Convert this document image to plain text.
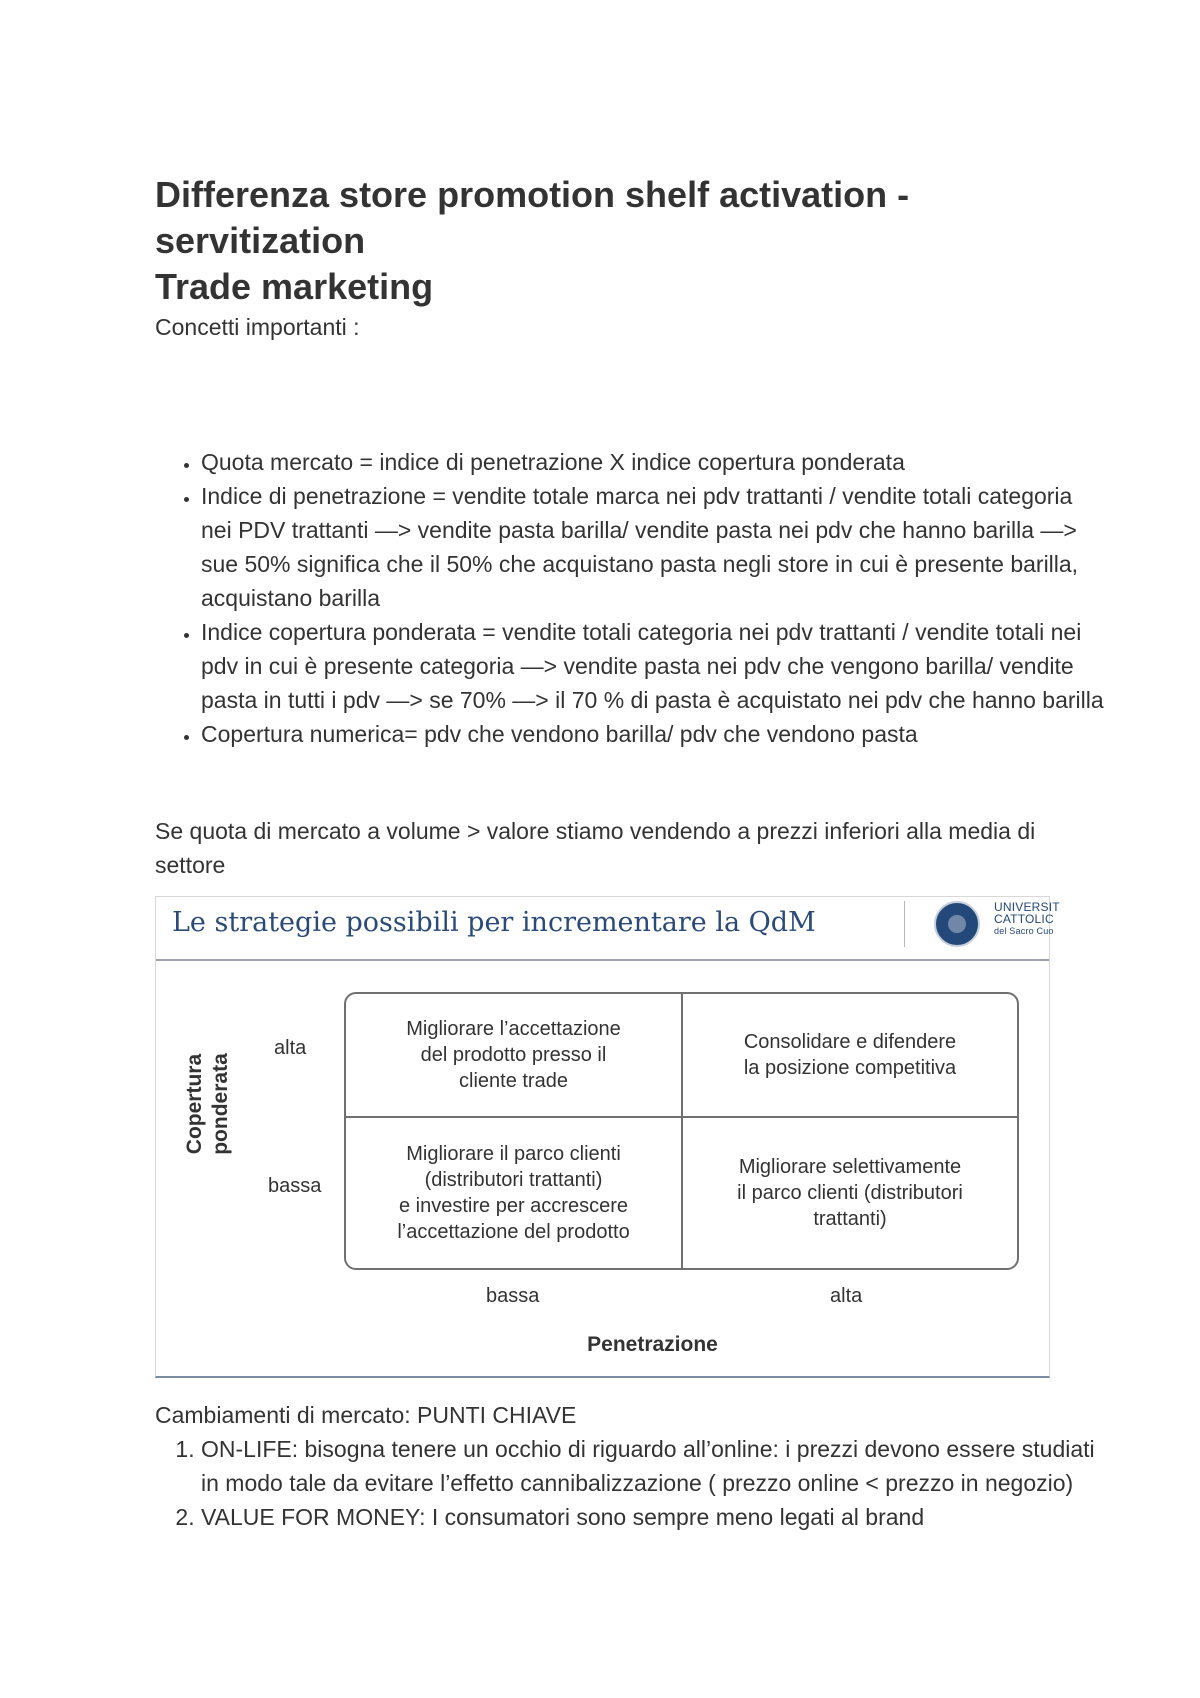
Differenza store promotion shelf activation -
servitization
Trade marketing
Concetti importanti :
• Quota mercato = indice di penetrazione X indice copertura ponderata
• Indice di penetrazione = vendite totale marca nei pdv trattanti / vendite totali categoria nei PDV trattanti —> vendite pasta barilla/ vendite pasta nei pdv che hanno barilla —> sue 50% significa che il 50% che acquistano pasta negli store in cui è presente barilla, acquistano barilla
• Indice copertura ponderata = vendite totali categoria nei pdv trattanti / vendite totali nei pdv in cui è presente categoria —> vendite pasta nei pdv che vengono barilla/ vendite pasta in tutti i pdv —> se 70% —> il 70 % di pasta è acquistato nei pdv che hanno barilla
• Copertura numerica= pdv che vendono barilla/ pdv che vendono pasta
Se quota di mercato a volume > valore stiamo vendendo a prezzi inferiori alla media di settore
Le strategie possibili per incrementare la QdM	UNIVERSIT
CATTOLIC
del Sacro Cuo
Copertura ponderata
alta
bassa
Migliorare l’accettazione
del prodotto presso il
cliente trade
Consolidare e difendere
la posizione competitiva
Migliorare il parco clienti
(distributori trattanti)
e investire per accrescere
l’accettazione del prodotto
Migliorare selettivamente
il parco clienti (distributori
trattanti)
bassa	alta
Penetrazione
Cambiamenti di mercato: PUNTI CHIAVE
1. ON-LIFE: bisogna tenere un occhio di riguardo all’online: i prezzi devono essere studiati in modo tale da evitare l’effetto cannibalizzazione ( prezzo online < prezzo in negozio)
2. VALUE FOR MONEY: I consumatori sono sempre meno legati al brand
